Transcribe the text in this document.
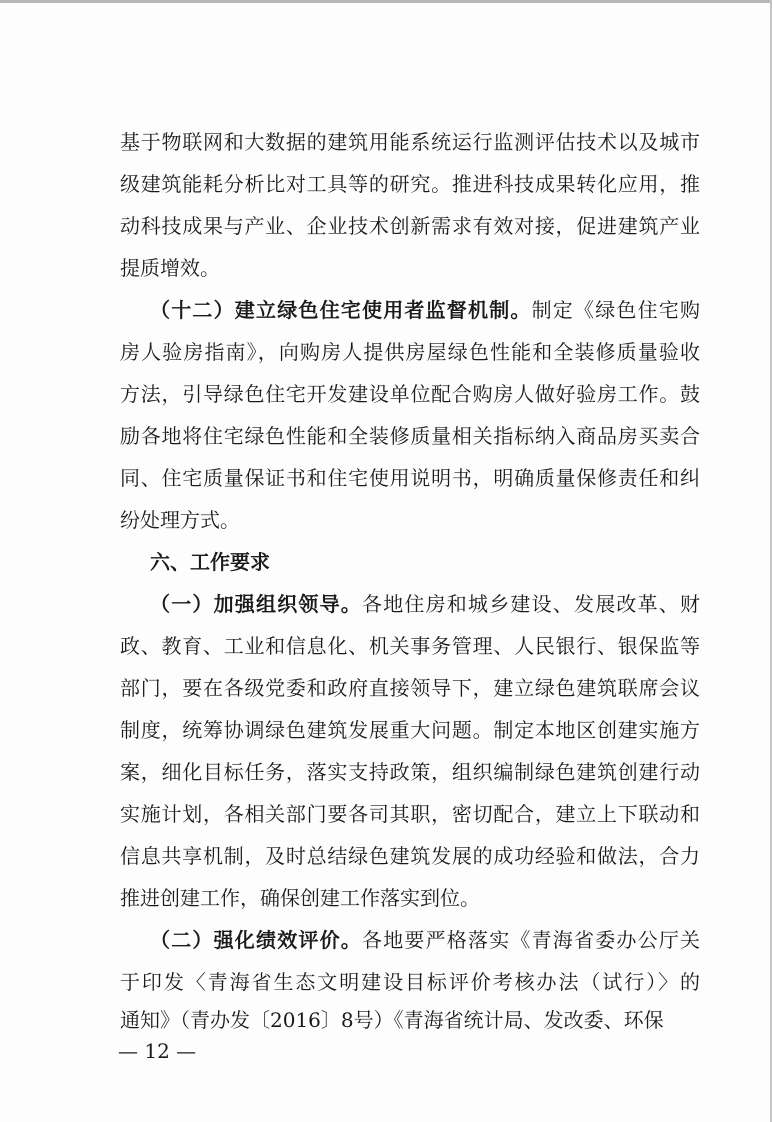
基于物联网和大数据的建筑用能系统运行监测评估技术以及城市
级建筑能耗分析比对工具等的研究。推进科技成果转化应用，推
动科技成果与产业、企业技术创新需求有效对接，促进建筑产业
提质增效。
（十二）建立绿色住宅使用者监督机制。制定《绿色住宅购
房人验房指南》，向购房人提供房屋绿色性能和全装修质量验收
方法，引导绿色住宅开发建设单位配合购房人做好验房工作。鼓
励各地将住宅绿色性能和全装修质量相关指标纳入商品房买卖合
同、住宅质量保证书和住宅使用说明书，明确质量保修责任和纠
纷处理方式。
六、工作要求
（一）加强组织领导。各地住房和城乡建设、发展改革、财
政、教育、工业和信息化、机关事务管理、人民银行、银保监等
部门，要在各级党委和政府直接领导下，建立绿色建筑联席会议
制度，统筹协调绿色建筑发展重大问题。制定本地区创建实施方
案，细化目标任务，落实支持政策，组织编制绿色建筑创建行动
实施计划，各相关部门要各司其职，密切配合，建立上下联动和
信息共享机制，及时总结绿色建筑发展的成功经验和做法，合力
推进创建工作，确保创建工作落实到位。
（二）强化绩效评价。各地要严格落实《青海省委办公厅关
于印发〈青海省生态文明建设目标评价考核办法（试行）〉的
通知》（青办发〔2016〕8号）《青海省统计局、发改委、环保
— 12 —
